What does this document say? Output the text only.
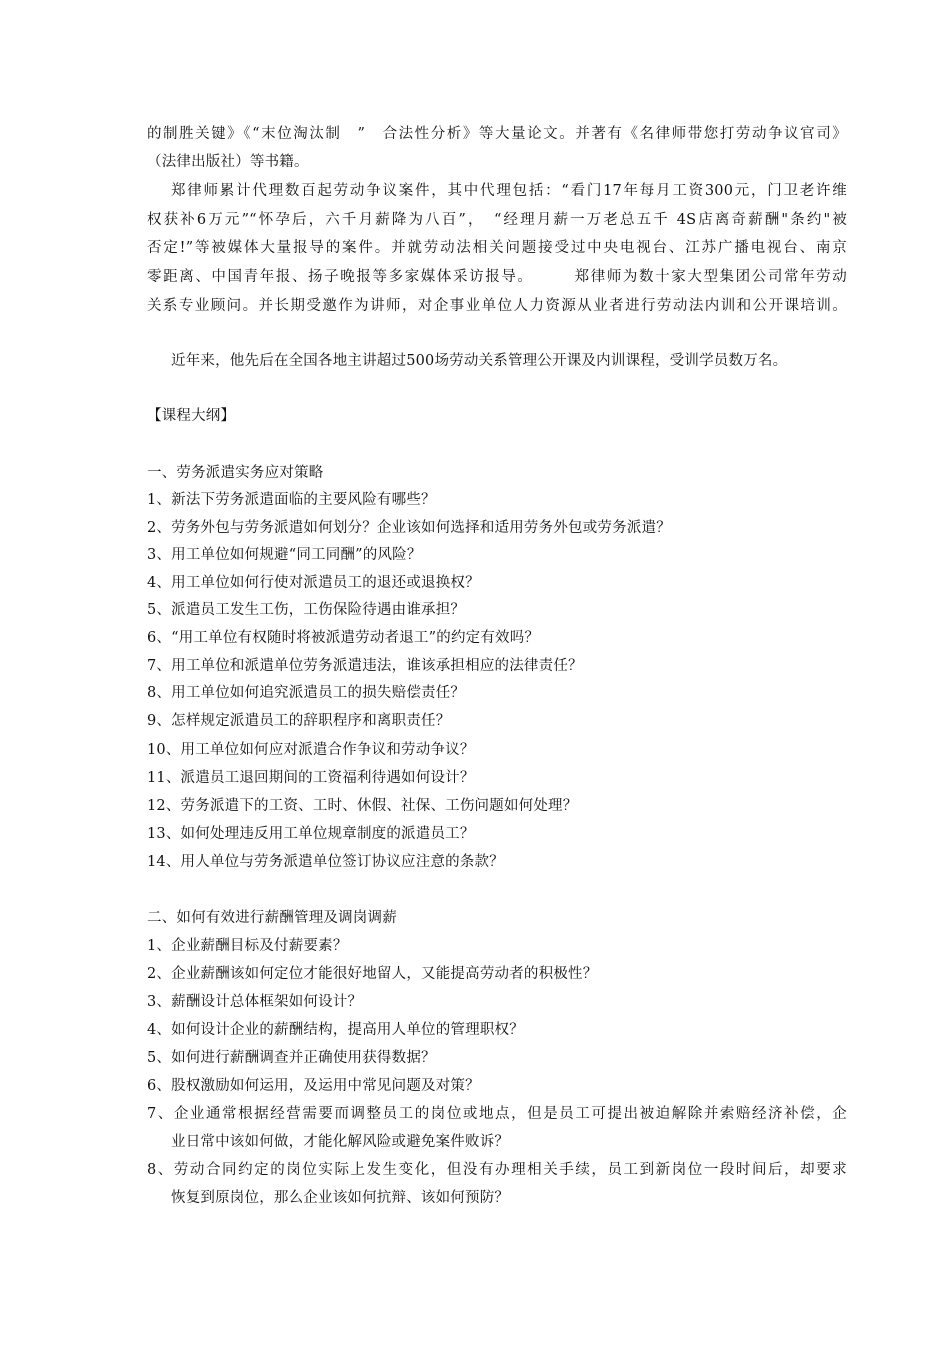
的制胜关键》《“末位淘汰制　”　合法性分析》等大量论文。并著有《名律师带您打劳动争议官司》
（法律出版社）等书籍。
郑律师累计代理数百起劳动争议案件，其中代理包括：“看门17年每月工资300元，门卫老许维
权获补6万元”“怀孕后，六千月薪降为八百”，　“经理月薪一万老总五千 4S店离奇薪酬"条约"被
否定!”等被媒体大量报导的案件。并就劳动法相关问题接受过中央电视台、江苏广播电视台、南京
零距离、中国青年报、扬子晚报等多家媒体采访报导。　　　郑律师为数十家大型集团公司常年劳动
关系专业顾问。并长期受邀作为讲师，对企事业单位人力资源从业者进行劳动法内训和公开课培训。
近年来，他先后在全国各地主讲超过500场劳动关系管理公开课及内训课程，受训学员数万名。
【课程大纲】
一、劳务派遣实务应对策略
1、新法下劳务派遣面临的主要风险有哪些？
2、劳务外包与劳务派遣如何划分？企业该如何选择和适用劳务外包或劳务派遣？
3、用工单位如何规避“同工同酬”的风险？
4、用工单位如何行使对派遣员工的退还或退换权？
5、派遣员工发生工伤，工伤保险待遇由谁承担？
6、“用工单位有权随时将被派遣劳动者退工”的约定有效吗？
7、用工单位和派遣单位劳务派遣违法，谁该承担相应的法律责任？
8、用工单位如何追究派遣员工的损失赔偿责任？
9、怎样规定派遣员工的辞职程序和离职责任？
10、用工单位如何应对派遣合作争议和劳动争议？
11、派遣员工退回期间的工资福利待遇如何设计？
12、劳务派遣下的工资、工时、休假、社保、工伤问题如何处理？
13、如何处理违反用工单位规章制度的派遣员工？
14、用人单位与劳务派遣单位签订协议应注意的条款？
二、如何有效进行薪酬管理及调岗调薪
1、企业薪酬目标及付薪要素？
2、企业薪酬该如何定位才能很好地留人，又能提高劳动者的积极性？
3、薪酬设计总体框架如何设计？
4、如何设计企业的薪酬结构，提高用人单位的管理职权？
5、如何进行薪酬调查并正确使用获得数据？
6、股权激励如何运用，及运用中常见问题及对策？
7、企业通常根据经营需要而调整员工的岗位或地点，但是员工可提出被迫解除并索赔经济补偿，企
业日常中该如何做，才能化解风险或避免案件败诉？
8、劳动合同约定的岗位实际上发生变化，但没有办理相关手续，员工到新岗位一段时间后，却要求
恢复到原岗位，那么企业该如何抗辩、该如何预防？
